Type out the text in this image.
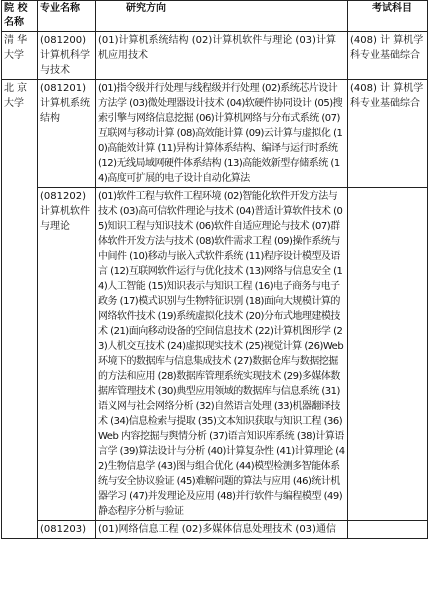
院 校名称	专业名称	研究方向	考试科目
清 华大学	(081200)计算机科学与技术	(01)计算机系统结构 (02)计算机软件与理论 (03)计算机应用技术	(408) 计 算机学科专业基础综合
北 京大学	(081201)计算机系统结构	(01)指令级并行处理与线程级并行处理 (02)系统芯片设计方法学 (03)微处理器设计技术 (04)软硬件协同设计 (05)搜索引擎与网络信息挖掘 (06)计算机网络与分布式系统 (07)互联网与移动计算 (08)高效能计算 (09)云计算与虚拟化 (10)高能效计算 (11)异构计算体系结构、编译与运行时系统 (12)无线局域网硬件体系结构 (13)高能效新型存储系统 (14)高度可扩展的电子设计自动化算法	(408) 计 算机学科专业基础综合
	(081202)计算机软件与理论	(01)软件工程与软件工程环境 (02)智能化软件开发方法与技术 (03)高可信软件理论与技术 (04)普适计算软件技术 (05)知识工程与知识技术 (06)软件自适应理论与技术 (07)群体软件开发方法与技术 (08)软件需求工程 (09)操作系统与中间件 (10)移动与嵌入式软件系统 (11)程序设计模型及语言 (12)互联网软件运行与优化技术 (13)网络与信息安全 (14)人工智能 (15)知识表示与知识工程 (16)电子商务与电子政务 (17)模式识别与生物特征识别 (18)面向大规模计算的网络软件技术 (19)系统虚拟化技术 (20)分布式地理建模技术 (21)面向移动设备的空间信息技术 (22)计算机图形学 (23)人机交互技术 (24)虚拟现实技术 (25)视觉计算 (26)Web 环境下的数据库与信息集成技术 (27)数据仓库与数据挖掘的方法和应用 (28)数据库管理系统实现技术 (29)多媒体数据库管理技术 (30)典型应用领域的数据库与信息系统 (31)语义网与社会网络分析 (32)自然语言处理 (33)机器翻译技术 (34)信息检索与提取 (35)文本知识获取与知识工程 (36)Web 内容挖掘与舆情分析 (37)语言知识库系统 (38)计算语言学 (39)算法设计与分析 (40)计算复杂性 (41)计算理论 (42)生物信息学 (43)图与组合优化 (44)模型检测多智能体系统与安全协议验证 (45)难解问题的算法与应用 (46)统计机器学习 (47)并发理论及应用 (48)并行软件与编程模型 (49)静态程序分析与验证	
	(081203)	(01)网络信息工程 (02)多媒体信息处理技术 (03)通信	
